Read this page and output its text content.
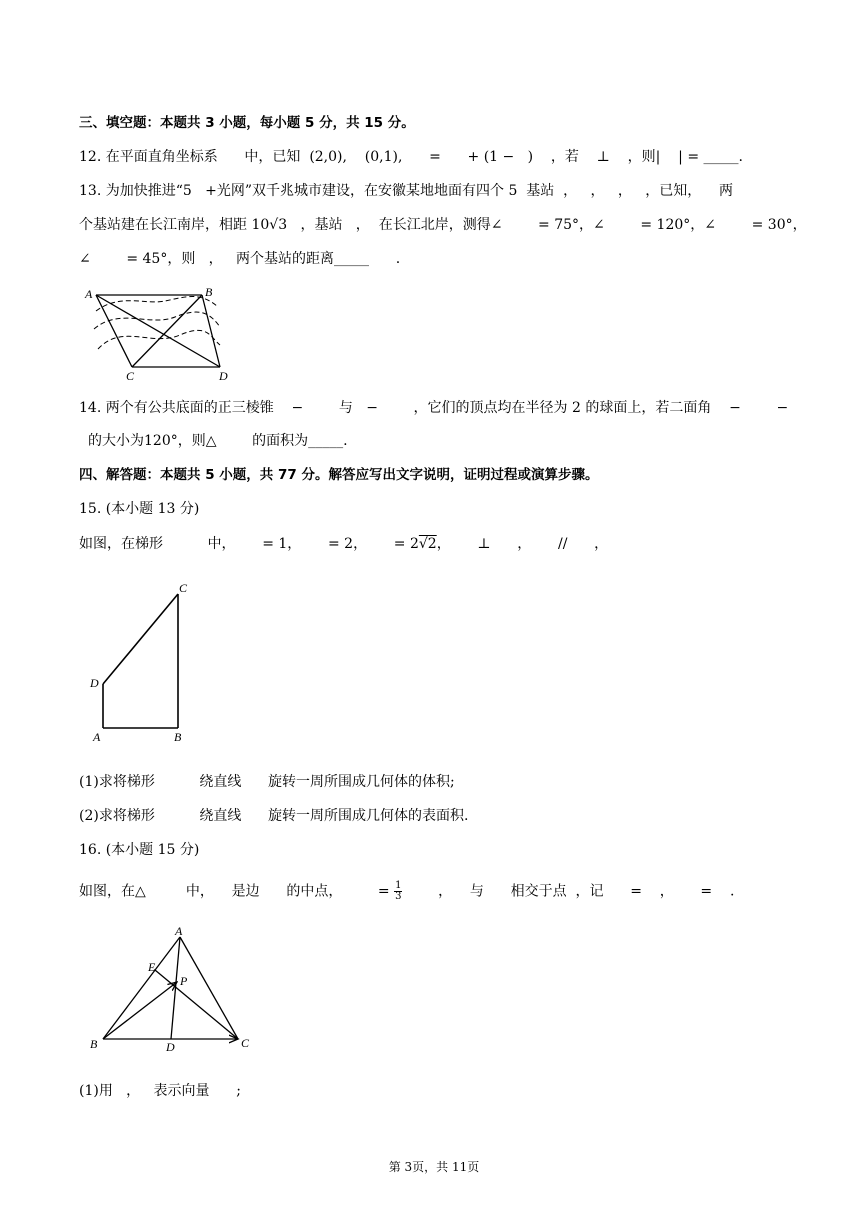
三、填空题：本题共 3 小题，每小题 5 分，共 15 分。
12. 在平面直角坐标系      中，已知  (2,0),    (0,1),      =      + (1 −   )    ，若    ⊥    ，则|    | = _____.
13. 为加快推进“5   +光网”双千兆城市建设，在安徽某地地面有四个 5  基站  ，   ，   ，   ，已知，    两
个基站建在长江南岸，相距 10√3   ，基站   ，  在长江北岸，测得∠        = 75°，∠        = 120°，∠        = 30°，
∠        = 45°，则   ，   两个基站的距离_____      .
A	B
C	D
14. 两个有公共底面的正三棱锥    −        与   −        ，它们的顶点均在半径为 2 的球面上，若二面角    −        −
的大小为120°，则△        的面积为_____.
四、解答题：本题共 5 小题，共 77 分。解答应写出文字说明，证明过程或演算步骤。
15. (本小题 13 分)
如图，在梯形          中，      = 1，      = 2，      = 2√2，      ⊥      ，      //      ，
A	B
C
D
(1)求将梯形          绕直线      旋转一周所围成几何体的体积;
(2)求将梯形          绕直线      旋转一周所围成几何体的表面积.
16. (本小题 15 分)
如图，在△         中，    是边      的中点，        = $\frac{1}{3}$        ，    与      相交于点  ，记      =    ，      =    .
A
B	C
D
E
P
(1)用   ，   表示向量      ;
第 3页，共 11页
